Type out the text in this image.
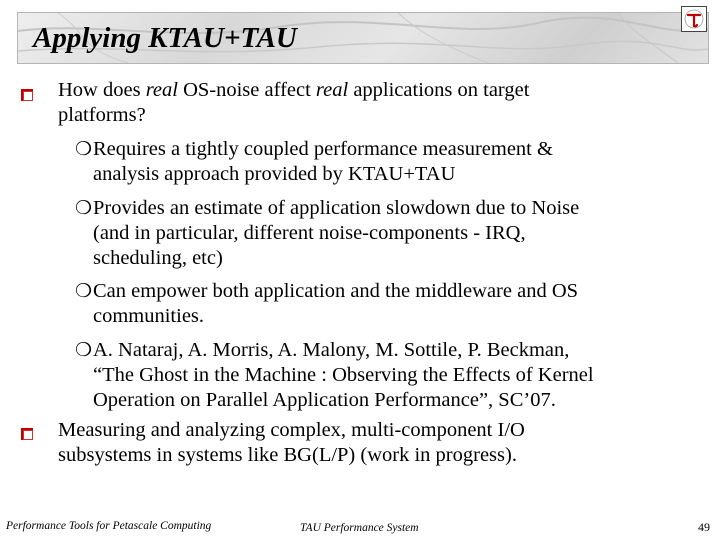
Applying KTAU+TAU
How does real OS-noise affect real applications on target
platforms?
❍ Requires a tightly coupled performance measurement &
analysis approach provided by KTAU+TAU
❍ Provides an estimate of application slowdown due to Noise
(and in particular, different noise-components - IRQ,
scheduling, etc)
❍ Can empower both application and the middleware and OS
communities.
❍ A. Nataraj, A. Morris, A. Malony, M. Sottile, P. Beckman,
“The Ghost in the Machine : Observing the Effects of Kernel
Operation on Parallel Application Performance”, SC’07.
Measuring and analyzing complex, multi-component I/O
subsystems in systems like BG(L/P) (work in progress).
Performance Tools for Petascale Computing	TAU Performance System	49
